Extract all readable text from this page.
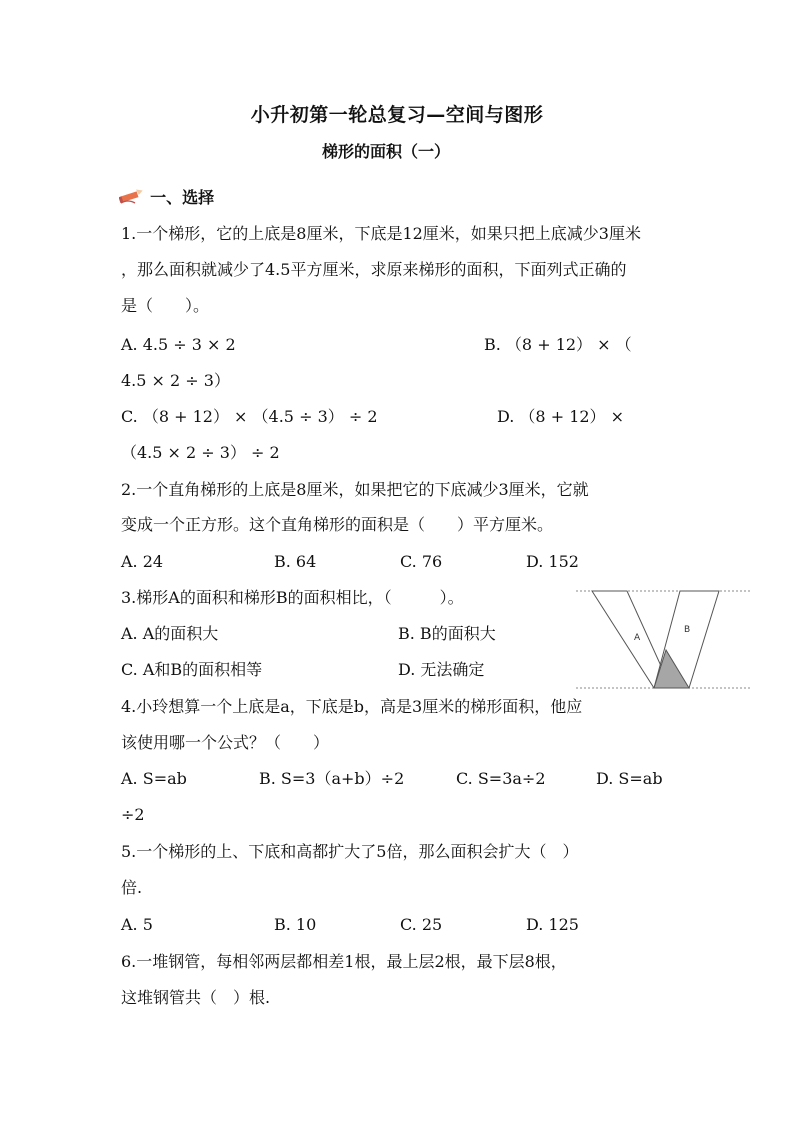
小升初第一轮总复习—空间与图形
梯形的面积（一）
一、选择
1.一个梯形，它的上底是8厘米，下底是12厘米，如果只把上底减少3厘米
，那么面积就减少了4.5平方厘米，求原来梯形的面积，下面列式正确的
是（　　）。
A. 4.5 ÷ 3 × 2	B. （8 + 12） × （
4.5 × 2 ÷ 3）
C. （8 + 12） × （4.5 ÷ 3） ÷ 2	D. （8 + 12） ×
（4.5 × 2 ÷ 3） ÷ 2
2.一个直角梯形的上底是8厘米，如果把它的下底减少3厘米，它就
变成一个正方形。这个直角梯形的面积是（　　）平方厘米。
A. 24	B. 64	C. 76	D. 152
3.梯形A的面积和梯形B的面积相比，（　　　）。
A. A的面积大	B. B的面积大
C. A和B的面积相等	D. 无法确定
A
B
4.小玲想算一个上底是a，下底是b，高是3厘米的梯形面积，他应
该使用哪一个公式？（　　）
A. S=ab	B. S=3（a+b）÷2	C. S=3a÷2	D. S=ab
÷2
5.一个梯形的上、下底和高都扩大了5倍，那么面积会扩大（　）
倍.
A. 5	B. 10	C. 25	D. 125
6.一堆钢管，每相邻两层都相差1根，最上层2根，最下层8根，
这堆钢管共（　）根.
